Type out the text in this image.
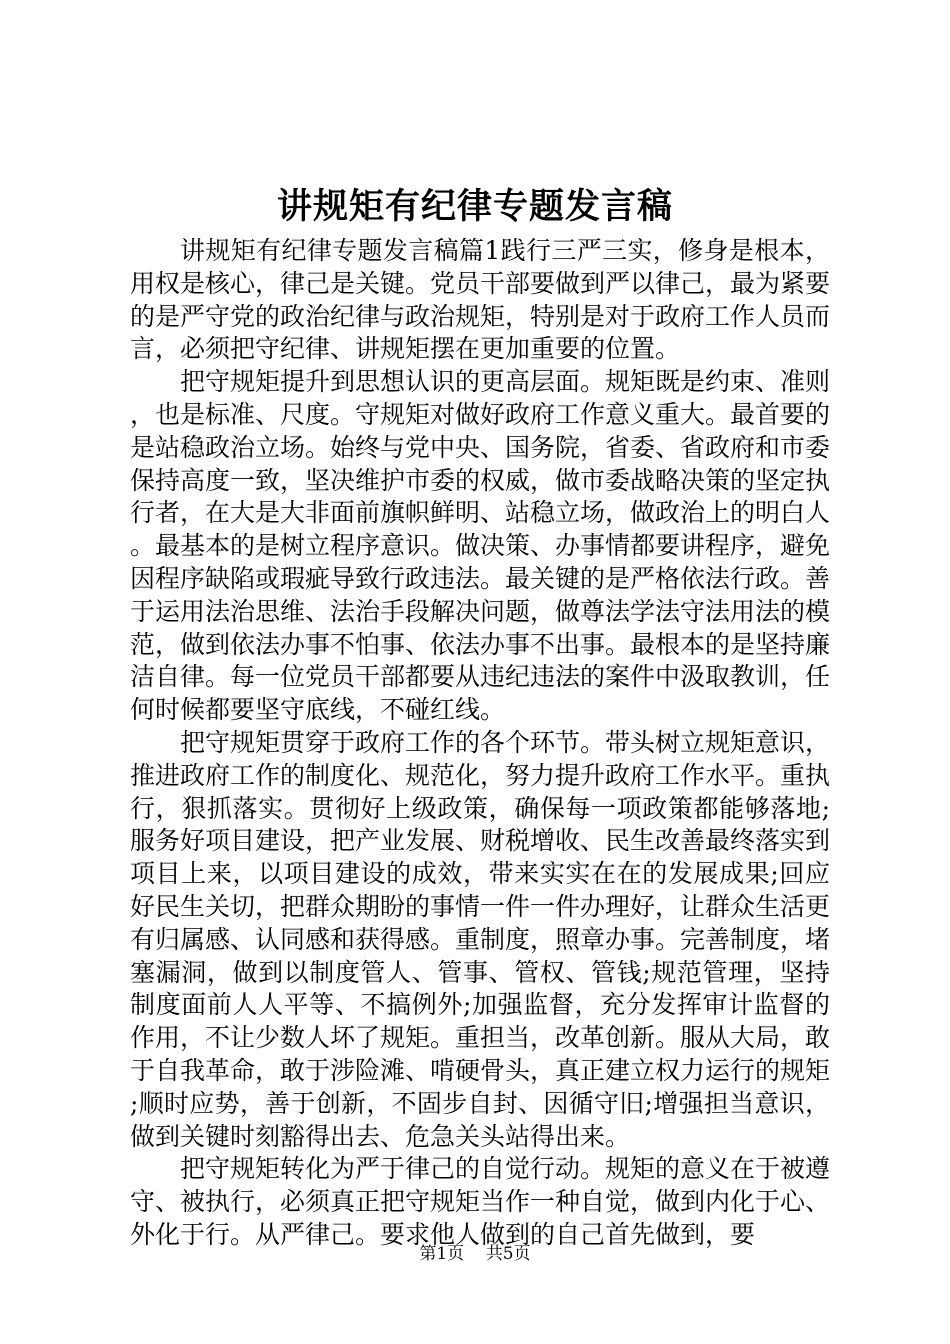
讲规矩有纪律专题发言稿

讲规矩有纪律专题发言稿篇1践行三严三实，修身是根本，用权是核心，律己是关键。党员干部要做到严以律己，最为紧要的是严守党的政治纪律与政治规矩，特别是对于政府工作人员而言，必须把守纪律、讲规矩摆在更加重要的位置。

把守规矩提升到思想认识的更高层面。规矩既是约束、准则，也是标准、尺度。守规矩对做好政府工作意义重大。最首要的是站稳政治立场。始终与党中央、国务院，省委、省政府和市委保持高度一致，坚决维护市委的权威，做市委战略决策的坚定执行者，在大是大非面前旗帜鲜明、站稳立场，做政治上的明白人。最基本的是树立程序意识。做决策、办事情都要讲程序，避免因程序缺陷或瑕疵导致行政违法。最关键的是严格依法行政。善于运用法治思维、法治手段解决问题，做尊法学法守法用法的模范，做到依法办事不怕事、依法办事不出事。最根本的是坚持廉洁自律。每一位党员干部都要从违纪违法的案件中汲取教训，任何时候都要坚守底线，不碰红线。

把守规矩贯穿于政府工作的各个环节。带头树立规矩意识，推进政府工作的制度化、规范化，努力提升政府工作水平。重执行，狠抓落实。贯彻好上级政策，确保每一项政策都能够落地;服务好项目建设，把产业发展、财税增收、民生改善最终落实到项目上来，以项目建设的成效，带来实实在在的发展成果;回应好民生关切，把群众期盼的事情一件一件办理好，让群众生活更有归属感、认同感和获得感。重制度，照章办事。完善制度，堵塞漏洞，做到以制度管人、管事、管权、管钱;规范管理，坚持制度面前人人平等、不搞例外;加强监督，充分发挥审计监督的作用，不让少数人坏了规矩。重担当，改革创新。服从大局，敢于自我革命，敢于涉险滩、啃硬骨头，真正建立权力运行的规矩;顺时应势，善于创新，不固步自封、因循守旧;增强担当意识，做到关键时刻豁得出去、危急关头站得出来。

把守规矩转化为严于律己的自觉行动。规矩的意义在于被遵守、被执行，必须真正把守规矩当作一种自觉，做到内化于心、外化于行。从严律己。要求他人做到的自己首先做到，要

第1页 共5页
